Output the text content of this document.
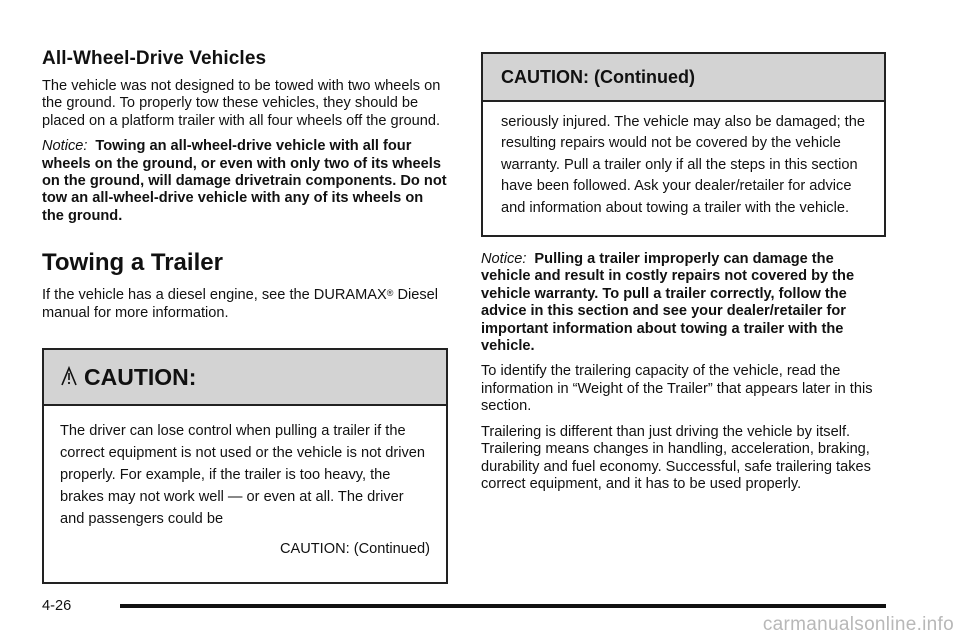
All-Wheel-Drive Vehicles

The vehicle was not designed to be towed with two wheels on the ground. To properly tow these vehicles, they should be placed on a platform trailer with all four wheels off the ground.

Notice: Towing an all-wheel-drive vehicle with all four wheels on the ground, or even with only two of its wheels on the ground, will damage drivetrain components. Do not tow an all-wheel-drive vehicle with any of its wheels on the ground.
Towing a Trailer

If the vehicle has a diesel engine, see the DURAMAX® Diesel manual for more information.

CAUTION:
The driver can lose control when pulling a trailer if the correct equipment is not used or the vehicle is not driven properly. For example, if the trailer is too heavy, the brakes may not work well — or even at all. The driver and passengers could be
CAUTION: (Continued)
CAUTION: (Continued)
seriously injured. The vehicle may also be damaged; the resulting repairs would not be covered by the vehicle warranty. Pull a trailer only if all the steps in this section have been followed. Ask your dealer/retailer for advice and information about towing a trailer with the vehicle.
Notice: Pulling a trailer improperly can damage the vehicle and result in costly repairs not covered by the vehicle warranty. To pull a trailer correctly, follow the advice in this section and see your dealer/retailer for important information about towing a trailer with the vehicle.

To identify the trailering capacity of the vehicle, read the information in “Weight of the Trailer” that appears later in this section.

Trailering is different than just driving the vehicle by itself. Trailering means changes in handling, acceleration, braking, durability and fuel economy. Successful, safe trailering takes correct equipment, and it has to be used properly.

4-26
carmanualsonline.info
